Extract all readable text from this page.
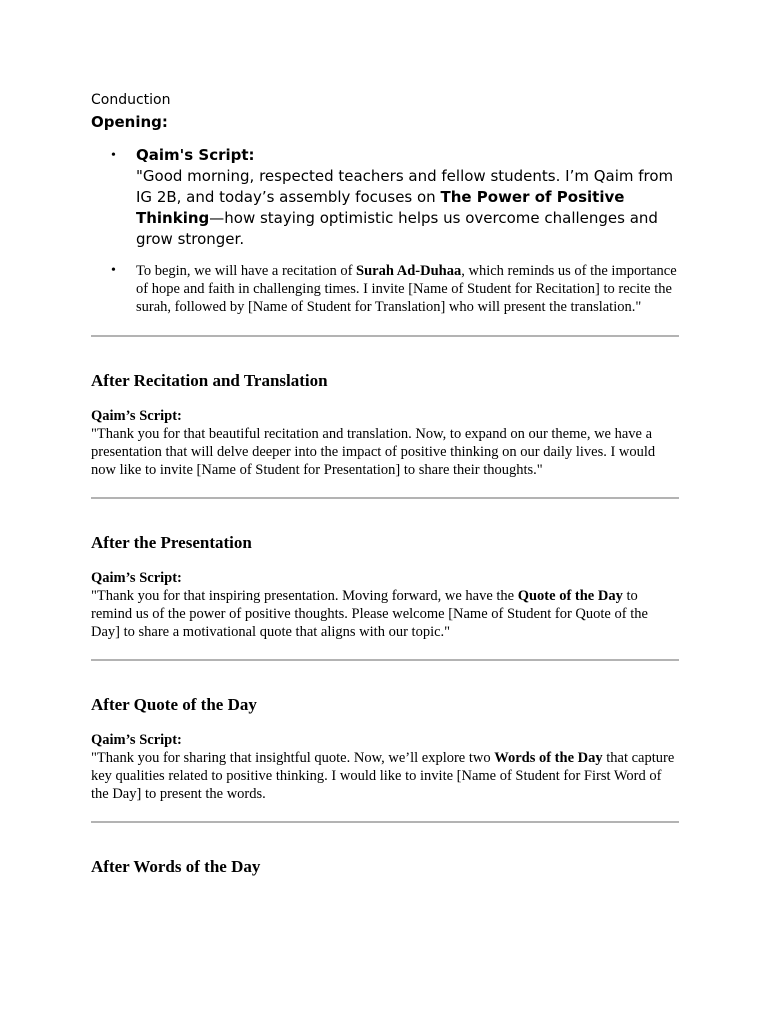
Conduction
Opening:
• Qaim's Script:
"Good morning, respected teachers and fellow students. I’m Qaim from IG 2B, and today’s assembly focuses on The Power of Positive Thinking—how staying optimistic helps us overcome challenges and grow stronger.
• To begin, we will have a recitation of Surah Ad-Duhaa, which reminds us of the importance of hope and faith in challenging times. I invite [Name of Student for Recitation] to recite the surah, followed by [Name of Student for Translation] who will present the translation."
After Recitation and Translation
Qaim’s Script:
"Thank you for that beautiful recitation and translation. Now, to expand on our theme, we have a presentation that will delve deeper into the impact of positive thinking on our daily lives. I would now like to invite [Name of Student for Presentation] to share their thoughts."
After the Presentation
Qaim’s Script:
"Thank you for that inspiring presentation. Moving forward, we have the Quote of the Day to remind us of the power of positive thoughts. Please welcome [Name of Student for Quote of the Day] to share a motivational quote that aligns with our topic."
After Quote of the Day
Qaim’s Script:
"Thank you for sharing that insightful quote. Now, we’ll explore two Words of the Day that capture key qualities related to positive thinking. I would like to invite [Name of Student for First Word of the Day] to present the words.
After Words of the Day
